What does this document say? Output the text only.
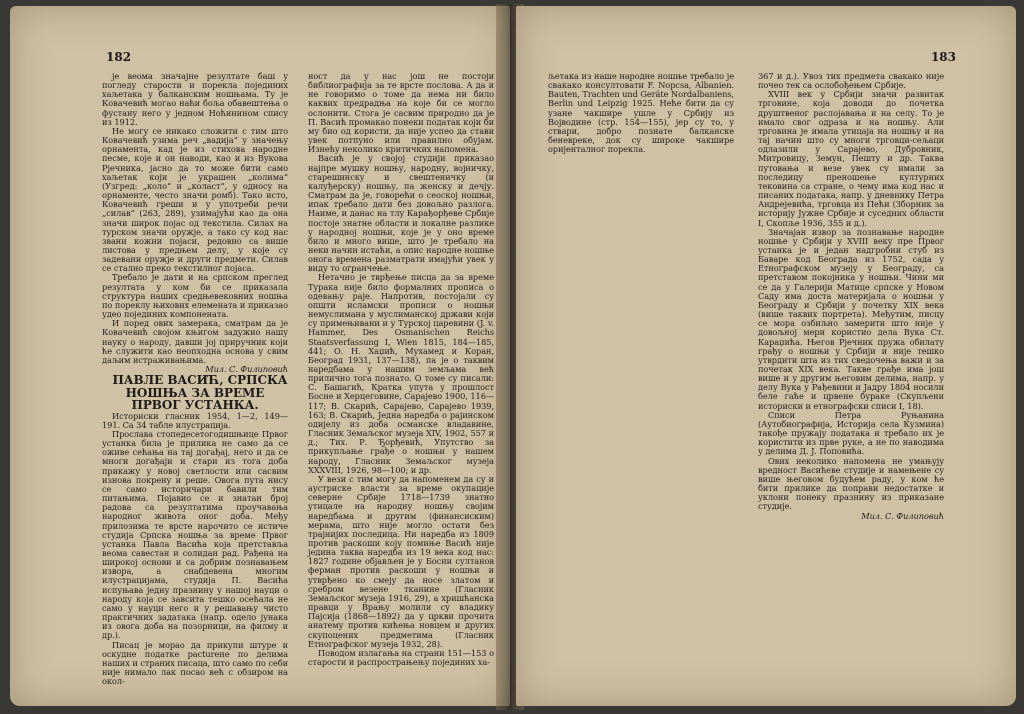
182

је веома значајне резултате баш у погледу старости и порекла појединих хаљетака у балканским ношњама. Ту је Ковачевић могао наћи боља обавештења о фустану него у једном Ноћинином спису из 1912.

Не могу се никако сложити с тим што Ковачевић узима реч „вадија“ у значењу орнамента, кад је из стихова народне песме, које и он наводи, као и из Вукова Рјечника, јасно да то може бити само хаљетак који је украшен „колима“ (Узгред: „коло“ и „коласт“, у односу на орнаменте, често значи ромб). Тако исто, Ковачевић греши и у употреби речи „силав“ (263, 289), узимајући као да она значи широк појас од текстила. Силах на турском значи оружје, а тако су код нас звани кожни појаси, редовно са више листова у предњем делу, у које су задевани оружје и други предмети. Силав се стално преко текстилног појаса.

Требало је дати и на српском преглед резултата у ком би се приказала структура наших средњевековних ношња по пореклу њихових елемената и приказао удео појединих компонената.

И поред ових замерака, сматрам да је Ковачевић својом књигом задужио нашу науку о народу, давши јој приручник који ће служити као неопходна основа у свим даљим истраживањима.

Мил. С. Филиповић

ПАВЛЕ ВАСИЋ, СРПСКА НОШЊА ЗА ВРЕМЕ ПРВОГ УСТАНКА.

Историски гласник 1954, 1—2, 149—191. Са 34 табле илустрација.

Прослава стопедесетогодишњице Првог устанка била је прилика не само да се оживе сећања на тај догађај, него и да се многи догађаји и стари из тога доба прикажу у новој светлости или сасвим изнова покрену и реше. Овога пута нису се само историчари бавили тим питањима. Појавио се и знатан број радова са резултатима проучавања народног живота оног доба. Међу прилозима те врсте нарочито се истиче студија Српска ношња за време Првог устанка Павла Васића која претставља веома савестан и солидан рад. Рађена на широкој основи и са добрим познавањем извора, а снабдевена многим илустрацијама, студија П. Васића испуњава једну празнину у нашој науци о народу која се завсита тешко осећала не само у науци него и у решавању чисто практичних задатака (напр. одело јунака из овога доба на позорници, на филму и др.).

Писац је морао да прикупи штуре и оскудне податке расturене по делима наших и страних писаца, што само по себи није нимало лак посао већ с обзиром на окол-

ност да у нас још не постоји библиографија за те врсте послова. А да и не говоримо о томе да нема ни било каквих предрадња на које би се могло ослонити. Стога је сасвим природно да је П. Васић промакао понеки податак који би му био од користи, да није успео да стави увек потпуно или правилно обујам. Изнећу неколико критичких напомена.

Васић је у својој студији приказао најпре мушку ношњу, народну, војничку, старешинску и свештеничку (и калуђерску) ношњу, па женску и дечју. Сматрам да је, говорећи о сеоској ношњи, ипак требало дати без довољно разлога. Наиме, и данас на тлу Карађорђеве Србије постоје знатне области и локалне разлике у народној ношњи, које је у оно време било и много више, што је требало на неки начин истаћи, а опис народне ношње онога времена разматрати имајући увек у виду то огранчење.

Нетачно је тврђење писца да за време Турака није било формалних прописа о одевању раје. Напротив, постојали су општи исламски прописи о ношњи немуслимана у муслиманској држави који су примењивани и у Турској царевини (J. v. Hammer, Des Osmanischen Reichs Staatsverfassung I, Wien 1815, 184—185, 441; О. Н. Хаџић, Мухамед и Коран, Београд 1931, 137—138), па је о таквим наредбама у нашим земљама већ прилично тога познато. О томе су писали: С. Башагић, Кратка упута у прошлост Босне и Херцеговине, Сарајево 1900, 116—117; В. Скарић, Сарајево, Сарајево 1939, 163; В. Скарић, Једна наредба о рајинском одијелу из доба османске владавине, Гласник Земаљског музеја XIV, 1902, 557 и д.; Тих. Р. Ђорђевић, Упутство за прикупљање грађе о ношњи у нашем народу, Гласник Земаљског музеја XXXVIII, 1926, 98—100; и др.

У вези с тим могу да напоменем да су и аустриске власти за време окупације северне Србије 1718—1739 знатно утицале на народну ношњу својим наредбама и другим (финансиским) мерама, што није могло остати без трајнијих последица. Ни наредба из 1809 против раскоши коју помиње Васић није једина таква наредба из 19 века код нас: 1827 године објављен је у Босни султанов ферман против раскоши у ношњи и утврђено ко смеју да носе златом и сребром везене тканине (Гласник Земаљског музеја 1916, 29), а хришћанска правци у Врању молили су владику Пајсија (1868—1892) да у цркви прочита анатему против кићења новцем и других скупоцених предметима (Гласник Етнографског музеја 1932, 28).

Поводом излагања на страни 151—153 о старости и распрострањењу појединих ха-

183

љетака из наше народне ношње требало је свакако консултовати F. Nopcsa, Albanien. Bauten, Trachten und Geräte Nordalbaniens, Berlin und Leipzig 1925. Нећe бити да су узане чакшире ушле у Србију из Војводине (стр. 154—155), јер су то, у ствари, добро познате балканске беневреке, док су широке чакшире оријенталног порекла.

367 и д.). Увоз тих предмета свакако није почео тек са ослобођењем Србије.

XVIII век у Србији значи развитак трговине, која доводи до почетка друштвеног раслојавања и на селу. То је имало свог одраза и на ношњу. Али трговина је имала утицаја на ношњу и на тај начин што су многи трговци-сељаци одлазили у Сарајево, Дубровник, Митровицу, Земун, Пешту и др. Таква путовања и везе увек су имали за последицу преношење културних тековина са стране, о чему има код нас и писаних података, напр. у дневнику Петра Андрејевића, трговца из Пећи (Зборник за историју Јужне Србије и суседних области I, Скопље 1936, 355 и д.).

Значајан извор за познавање народне ношње у Србији у XVIII веку пре Првог устанка је и један надгробни стуб из Баваре код Београда из 1752, сада у Етнографском музеју у Београду, са претставом покојника у ношњи. Чини ми се да у Галерији Матице српске у Новом Саду има доста материјала о ношњи у Београду и Србији у почетку XIX века (више таквих портрета). Међутим, писцу се мора озбиљно замерити што није у довољној мери користио дела Вука Ст. Караџића. Његов Рјечник пружа обилату грађу о ношњи у Србији и није тешко утврдити шта из тих сведочења важи и за почетак XIX века. Такве грађе има још више и у другим његовим делима, напр. у делу Вука у Рађевини и Јадру 1804 носили беле гаће и црвене бураке (Скупљени историски и етнографски списи I, 18).

Списи Петра Руњанина (Аутобиографија, Историја села Кузмина) такође пружају података и требало их је користити из прве руке, а не по наводима у делима Д. Ј. Поповића.

Ових неколико напомена не умањују вредност Васићеве студије и намењене су више његовом будућем раду, у ком ће бити прилике да поправи недостатке и уклони понеку празнину из приказане студије.

Мил. С. Филиповић
